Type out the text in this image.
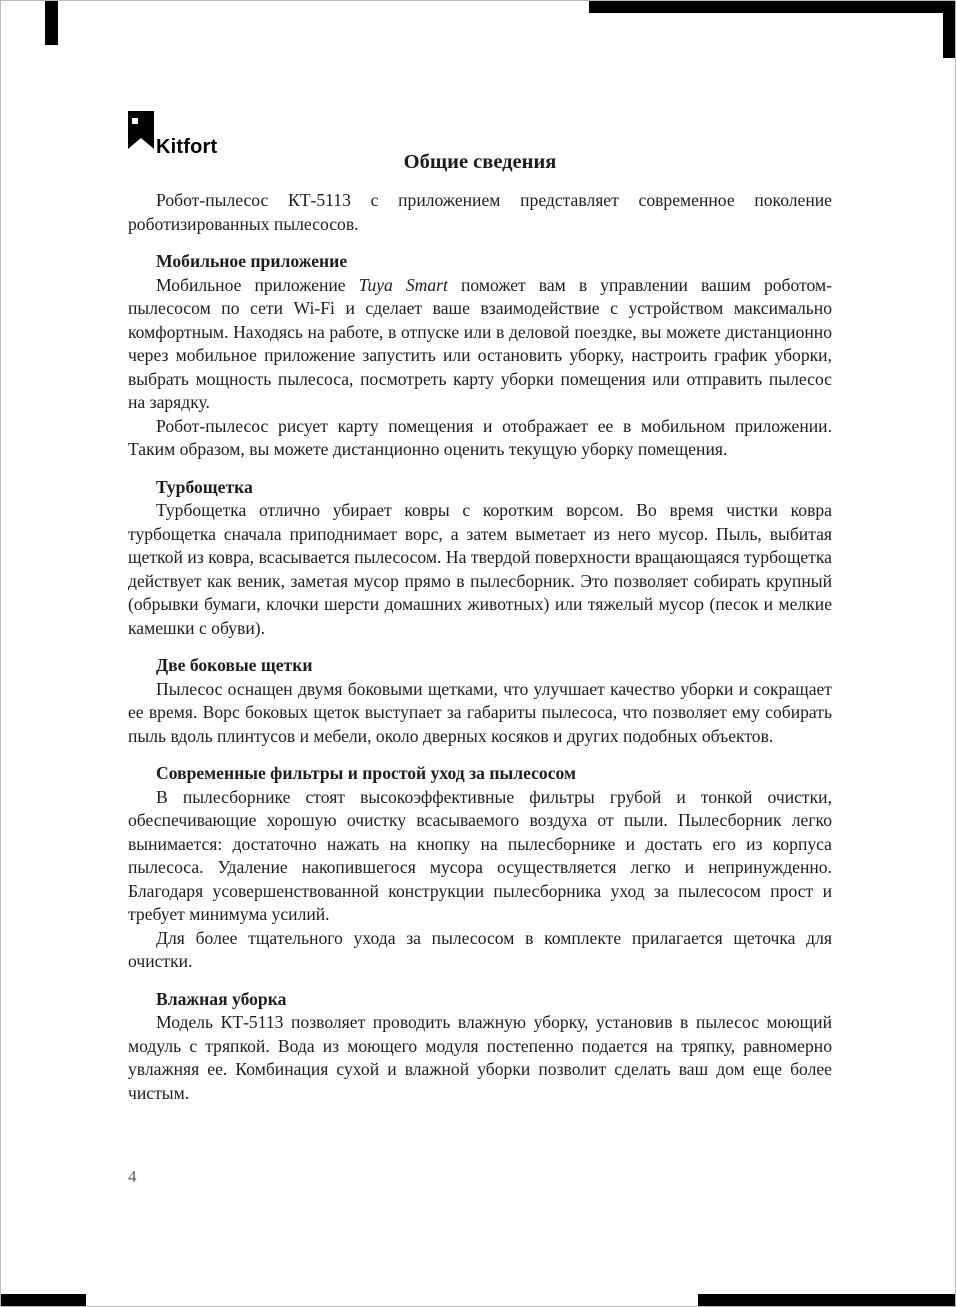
Kitfort
Общие сведения

Робот-пылесос КТ-5113 с приложением представляет современное поколение роботизированных пылесосов.

Мобильное приложение

Мобильное приложение Tuya Smart поможет вам в управлении вашим роботом-пылесосом по сети Wi-Fi и сделает ваше взаимодействие с устройством максимально комфортным. Находясь на работе, в отпуске или в деловой поездке, вы можете дистанционно через мобильное приложение запустить или остановить уборку, настроить график уборки, выбрать мощность пылесоса, посмотреть карту уборки помещения или отправить пылесос на зарядку.

Робот-пылесос рисует карту помещения и отображает ее в мобильном приложении. Таким образом, вы можете дистанционно оценить текущую уборку помещения.

Турбощетка

Турбощетка отлично убирает ковры с коротким ворсом. Во время чистки ковра турбощетка сначала приподнимает ворс, а затем выметает из него мусор. Пыль, выбитая щеткой из ковра, всасывается пылесосом. На твердой поверхности вращающаяся турбощетка действует как веник, заметая мусор прямо в пылесборник. Это позволяет собирать крупный (обрывки бумаги, клочки шерсти домашних животных) или тяжелый мусор (песок и мелкие камешки с обуви).

Две боковые щетки

Пылесос оснащен двумя боковыми щетками, что улучшает качество уборки и сокращает ее время. Ворс боковых щеток выступает за габариты пылесоса, что позволяет ему собирать пыль вдоль плинтусов и мебели, около дверных косяков и других подобных объектов.

Современные фильтры и простой уход за пылесосом

В пылесборнике стоят высокоэффективные фильтры грубой и тонкой очистки, обеспечивающие хорошую очистку всасываемого воздуха от пыли. Пылесборник легко вынимается: достаточно нажать на кнопку на пылесборнике и достать его из корпуса пылесоса. Удаление накопившегося мусора осуществляется легко и непринужденно. Благодаря усовершенствованной конструкции пылесборника уход за пылесосом прост и требует минимума усилий.

Для более тщательного ухода за пылесосом в комплекте прилагается щеточка для очистки.

Влажная уборка

Модель КТ-5113 позволяет проводить влажную уборку, установив в пылесос моющий модуль с тряпкой. Вода из моющего модуля постепенно подается на тряпку, равномерно увлажняя ее. Комбинация сухой и влажной уборки позволит сделать ваш дом еще более чистым.

4
